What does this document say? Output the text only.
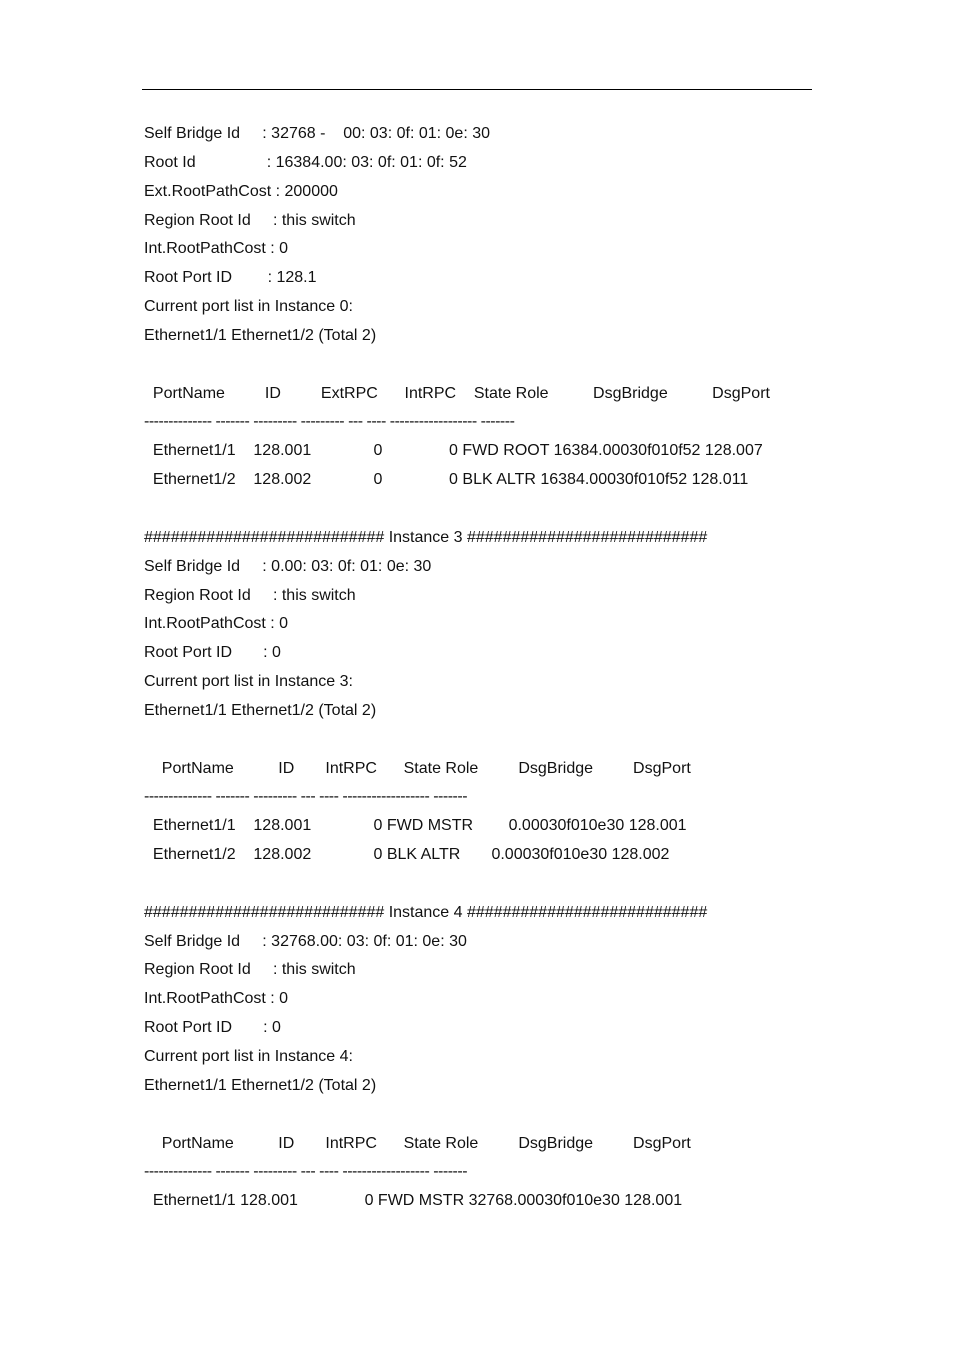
Self Bridge Id     : 32768 -    00: 03: 0f: 01: 0e: 30
Root Id                : 16384.00: 03: 0f: 01: 0f: 52
Ext.RootPathCost : 200000
Region Root Id     : this switch
Int.RootPathCost : 0
Root Port ID        : 128.1
Current port list in Instance 0:
Ethernet1/1 Ethernet1/2 (Total 2)
PortName         ID         ExtRPC      IntRPC    State Role          DsgBridge          DsgPort
-------------- ------- --------- --------- --- ---- ------------------ -------
Ethernet1/1    128.001              0               0 FWD ROOT 16384.00030f010f52 128.007
Ethernet1/2    128.002              0               0 BLK ALTR 16384.00030f010f52 128.011
########################### Instance 3 ###########################
Self Bridge Id     : 0.00: 03: 0f: 01: 0e: 30
Region Root Id     : this switch
Int.RootPathCost : 0
Root Port ID       : 0
Current port list in Instance 3:
Ethernet1/1 Ethernet1/2 (Total 2)
PortName          ID       IntRPC      State Role         DsgBridge         DsgPort
-------------- ------- --------- --- ---- ------------------ -------
Ethernet1/1    128.001              0 FWD MSTR        0.00030f010e30 128.001
Ethernet1/2    128.002              0 BLK ALTR       0.00030f010e30 128.002
########################### Instance 4 ###########################
Self Bridge Id     : 32768.00: 03: 0f: 01: 0e: 30
Region Root Id     : this switch
Int.RootPathCost : 0
Root Port ID       : 0
Current port list in Instance 4:
Ethernet1/1 Ethernet1/2 (Total 2)
PortName          ID       IntRPC      State Role         DsgBridge         DsgPort
-------------- ------- --------- --- ---- ------------------ -------
Ethernet1/1 128.001               0 FWD MSTR 32768.00030f010e30 128.001
